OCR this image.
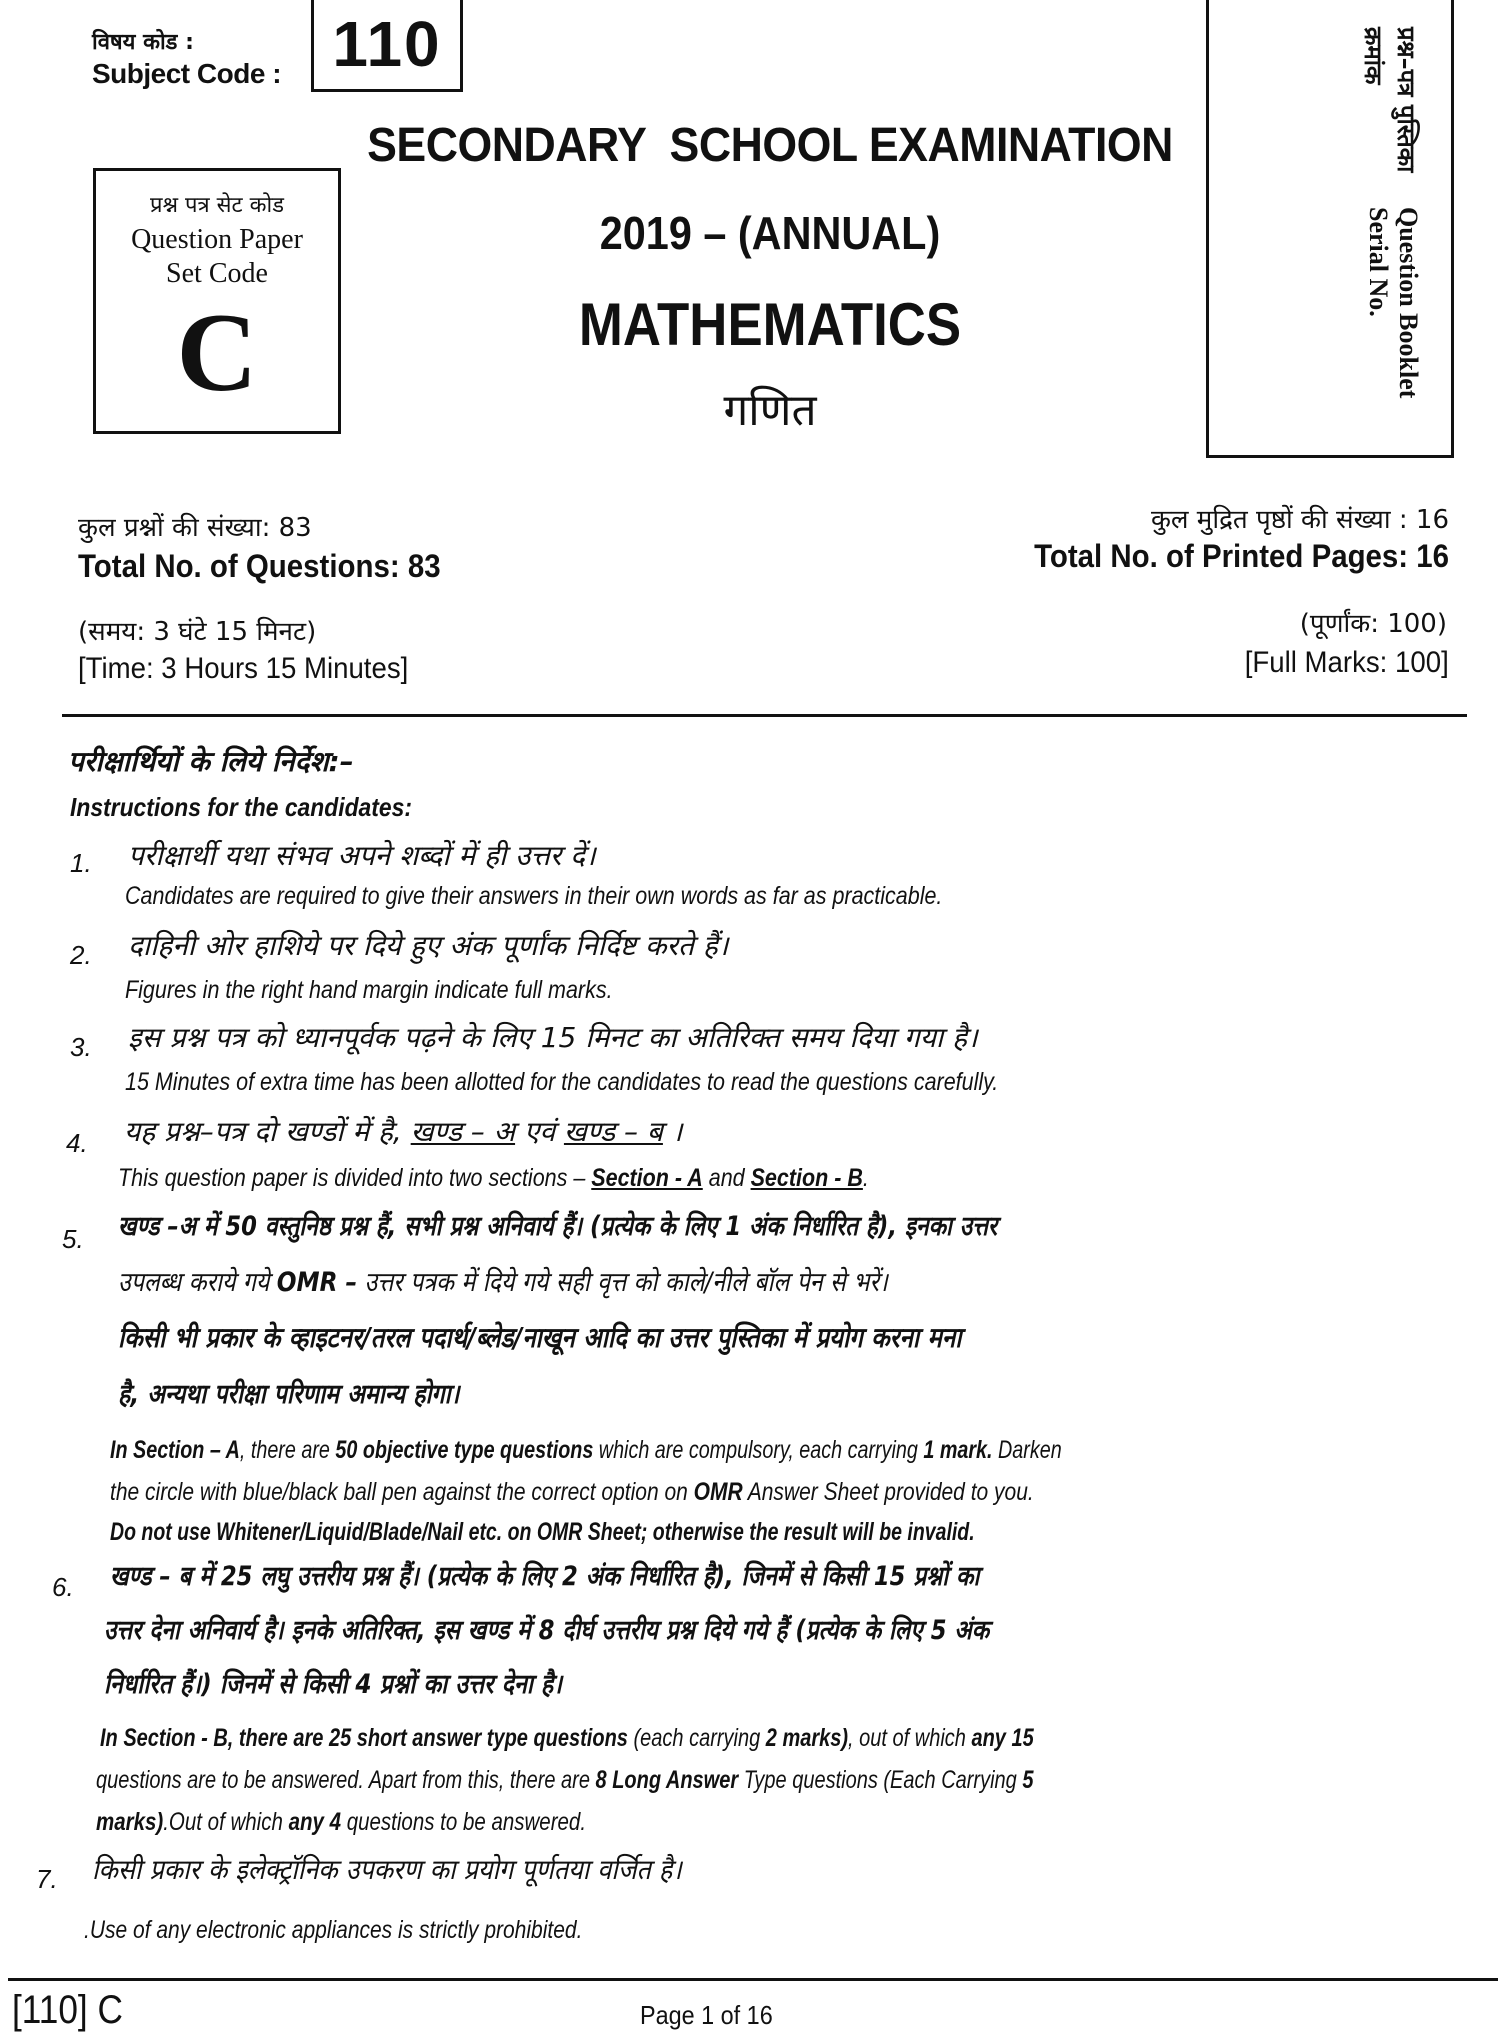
विषय कोड :
Subject Code : 110
प्रश्न पत्र सेट कोड
Question Paper
Set Code
C
प्रश्न–पत्र पुस्तिका क्रमांक
Question Booklet Serial No.
SECONDARY  SCHOOL EXAMINATION
2019 – (ANNUAL)
MATHEMATICS
गणित
कुल प्रश्नों की संख्या: 83
Total No. of Questions: 83
(समय: 3 घंटे 15 मिनट)
[Time: 3 Hours 15 Minutes]
कुल मुद्रित पृष्ठों की संख्या : 16
Total No. of Printed Pages: 16
(पूर्णांक: 100)
[Full Marks: 100]
परीक्षार्थियों के लिये निर्देश:–
Instructions for the candidates:
1. परीक्षार्थी यथा संभव अपने शब्दों में ही उत्तर दें।
Candidates are required to give their answers in their own words as far as practicable.
2. दाहिनी ओर हाशिये पर दिये हुए अंक पूर्णांक निर्दिष्ट करते हैं।
Figures in the right hand margin indicate full marks.
3. इस प्रश्न पत्र को ध्यानपूर्वक पढ़ने के लिए 15 मिनट का अतिरिक्त समय दिया गया है।
15 Minutes of extra time has been allotted for the candidates to read the questions carefully.
4. यह प्रश्न–पत्र दो खण्डों में है, खण्ड – अ एवं खण्ड – ब ।
This question paper is divided into two sections – Section - A and Section - B.
5. खण्ड –अ में 50 वस्तुनिष्ठ प्रश्न हैं, सभी प्रश्न अनिवार्य हैं। (प्रत्येक के लिए 1 अंक निर्धारित है), इनका उत्तर
उपलब्ध कराये गये OMR – उत्तर पत्रक में दिये गये सही वृत्त को काले/नीले बॉल पेन से भरें।
किसी भी प्रकार के व्हाइटनर/तरल पदार्थ/ब्लेड/नाखून आदि का उत्तर पुस्तिका में प्रयोग करना मना
है, अन्यथा परीक्षा परिणाम अमान्य होगा।
In Section – A, there are 50 objective type questions which are compulsory, each carrying 1 mark. Darken
the circle with blue/black ball pen against the correct option on OMR Answer Sheet provided to you.
Do not use Whitener/Liquid/Blade/Nail etc. on OMR Sheet; otherwise the result will be invalid.
6. खण्ड – ब में 25 लघु उत्तरीय प्रश्न हैं। (प्रत्येक के लिए 2 अंक निर्धारित है), जिनमें से किसी 15 प्रश्नों का
उत्तर देना अनिवार्य है। इनके अतिरिक्त, इस खण्ड में 8 दीर्घ उत्तरीय प्रश्न दिये गये हैं (प्रत्येक के लिए 5 अंक
निर्धारित हैं।) जिनमें से किसी 4 प्रश्नों का उत्तर देना है।
In Section - B, there are 25 short answer type questions (each carrying 2 marks), out of which any 15
questions are to be answered. Apart from this, there are 8 Long Answer Type questions (Each Carrying 5
marks).Out of which any 4 questions to be answered.
7. किसी प्रकार के इलेक्ट्रॉनिक उपकरण का प्रयोग पूर्णतया वर्जित है।
.Use of any electronic appliances is strictly prohibited.
[110] C	Page 1 of 16
